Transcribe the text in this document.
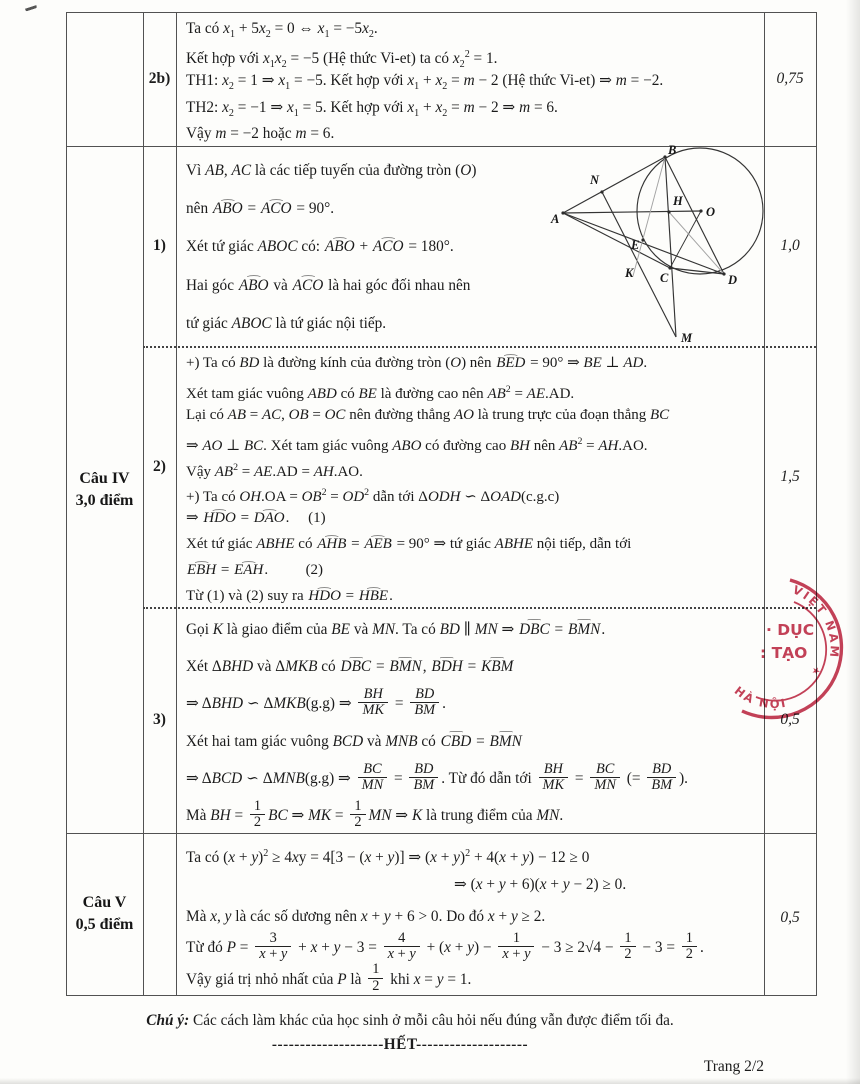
Câu IV
3,0 điểm
Câu V
0,5 điểm
2b)
1)
2)
3)
0,75
1,0
1,5
0,5
0,5
Ta có $x_1 + 5x_2 = 0$ ⇔ $x_1 = -5x_2$.
Kết hợp với $x_1x_2 = -5$ (Hệ thức Vi-et) ta có $x_2^2 = 1$.
TH1: $x_2 = 1$ ⇒ $x_1 = -5$. Kết hợp với $x_1 + x_2 = m - 2$ (Hệ thức Vi-et) ⇒ m = −2.
TH2: $x_2 = -1$ ⇒ $x_1 = 5$. Kết hợp với $x_1 + x_2 = m - 2$ ⇒ m = 6.
Vậy m = −2 hoặc m = 6.
Vì AB, AC là các tiếp tuyến của đường tròn (O)
nên ⌢ ABO = ⌢ ACO = 90°.
Xét tứ giác ABOC có: ⌢ ABO + ⌢ ACO = 180°.
Hai góc ⌢ ABO và ⌢ ACO là hai góc đối nhau nên
tứ giác ABOC là tứ giác nội tiếp.
+) Ta có BD là đường kính của đường tròn (O) nên ⌢ BED = 90° ⇒ BE ⊥ AD.
Xét tam giác vuông ABD có BE là đường cao nên $AB^2 = AE.AD$.
Lại có AB = AC, OB = OC nên đường thẳng AO là trung trực của đoạn thẳng BC
⇒ AO ⊥ BC. Xét tam giác vuông ABO có đường cao BH nên $AB^2 = AH.AO$.
Vậy $AB^2 = AE.AD = AH.AO$.
+) Ta có $OH.OA = OB^2 = OD^2$ dẫn tới ΔODH ∽ ΔOAD(c.g.c)
⇒ ⌢ HDO = ⌢ DAO.     (1)
Xét tứ giác ABHE có ⌢ AHB = ⌢ AEB = 90° ⇒ tứ giác ABHE nội tiếp, dẫn tới
⌢ EBH = ⌢ EAH.          (2)
Từ (1) và (2) suy ra ⌢ HDO = ⌢ HBE.
Gọi K là giao điểm của BE và MN. Ta có BD ∥ MN ⇒ ⌢ DBC = ⌢ BMN.
Xét ΔBHD và ΔMKB có ⌢ DBC = ⌢ BMN, ⌢ BDH = ⌢ KBM
⇒ ΔBHD ∽ ΔMKB(g.g) ⇒ $\frac{BH}{MK} = \frac{BD}{BM}$ .
Xét hai tam giác vuông BCD và MNB có ⌢ CBD = ⌢ BMN
⇒ ΔBCD ∽ ΔMNB(g.g) ⇒ $\frac{BC}{MN} = \frac{BD}{BM}$ . Từ đó dẫn tới $\frac{BH}{MK} = \frac{BC}{MN}$ (= $\frac{BD}{BM}$ ).
Mà BH = $\frac{1}{2}$ BC ⇒ MK = $\frac{1}{2}$ MN ⇒ K là trung điểm của MN.
Ta có $(x + y)^2 \ge 4xy = 4[3 - (x + y)]$ ⇒ $(x + y)^2 + 4(x + y) - 12 \ge 0$
⇒ (x + y + 6)(x + y − 2) ≥ 0.
Mà x, y là các số dương nên x + y + 6 > 0. Do đó x + y ≥ 2.
Từ đó $P = \frac{3}{x + y} + x + y - 3 = \frac{4}{x + y} + (x + y) - \frac{1}{x + y} - 3 \ge 2√4 - \frac{1}{2} - 3 = \frac{1}{2}$ .
Vậy giá trị nhỏ nhất của P là $\frac{1}{2}$ khi x = y = 1.
A
B
C	D
E
H
K
M
N
O
VIỆT NAM
HÀ NỘI
· DỤC
: TẠO
★
Chú ý: Các cách làm khác của học sinh ở mỗi câu hỏi nếu đúng vẫn được điểm tối đa.
--------------------HẾT--------------------
Trang 2/2
